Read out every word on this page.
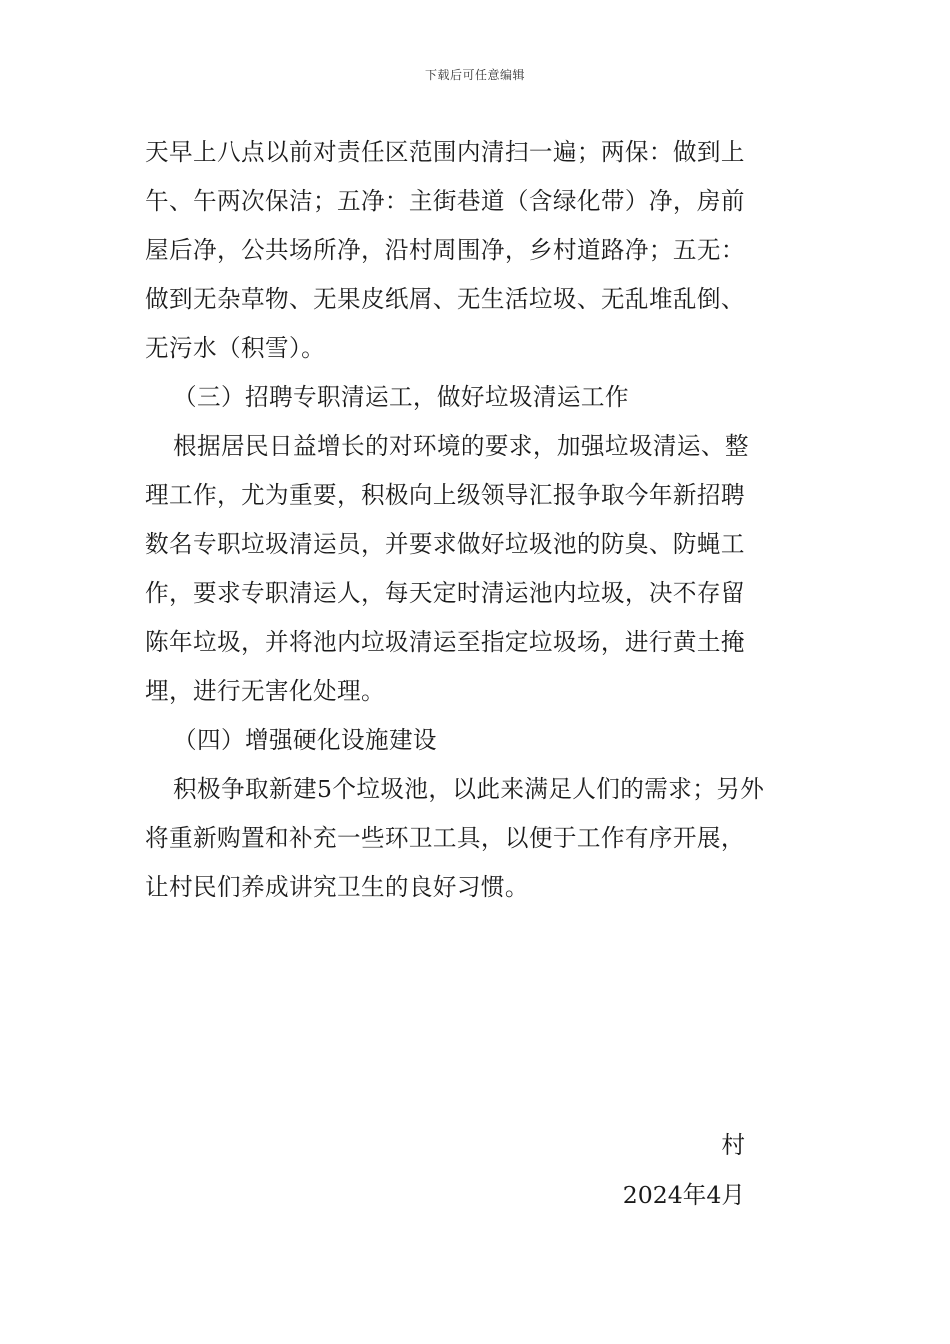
下载后可任意编辑
天早上八点以前对责任区范围内清扫一遍；两保：做到上
午、午两次保洁；五净：主街巷道（含绿化带）净，房前
屋后净，公共场所净，沿村周围净，乡村道路净；五无：
做到无杂草物、无果皮纸屑、无生活垃圾、无乱堆乱倒、
无污水（积雪）。
（三）招聘专职清运工，做好垃圾清运工作
根据居民日益增长的对环境的要求，加强垃圾清运、整
理工作，尤为重要，积极向上级领导汇报争取今年新招聘
数名专职垃圾清运员，并要求做好垃圾池的防臭、防蝇工
作，要求专职清运人，每天定时清运池内垃圾，决不存留
陈年垃圾，并将池内垃圾清运至指定垃圾场，进行黄土掩
埋，进行无害化处理。
（四）增强硬化设施建设
积极争取新建5个垃圾池，以此来满足人们的需求；另外
将重新购置和补充一些环卫工具，以便于工作有序开展，
让村民们养成讲究卫生的良好习惯。
村
2024年4月
